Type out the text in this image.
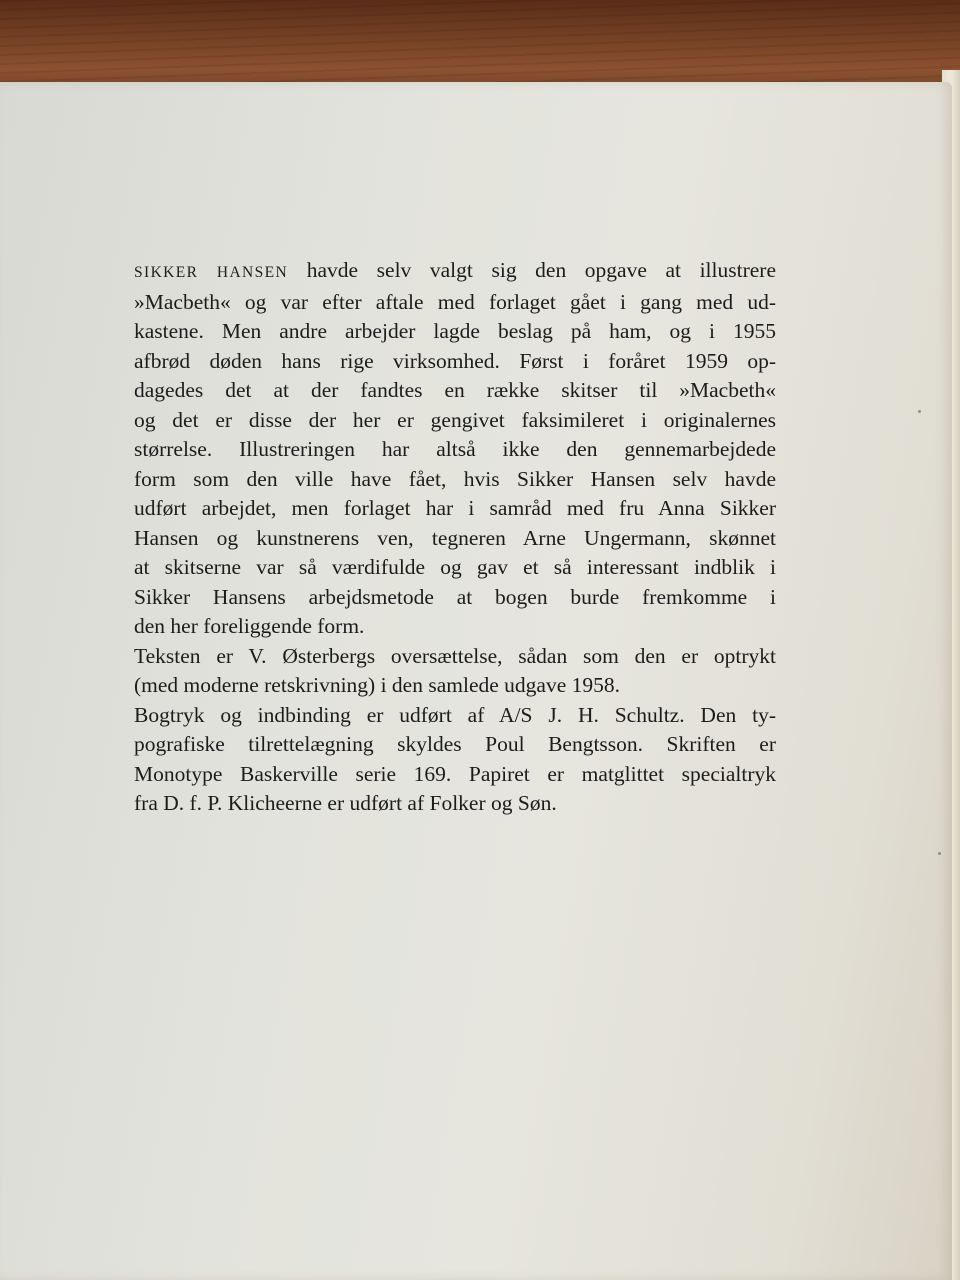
SIKKER HANSEN havde selv valgt sig den opgave at illustrere
»Macbeth« og var efter aftale med forlaget gået i gang med ud-
kastene. Men andre arbejder lagde beslag på ham, og i 1955
afbrød døden hans rige virksomhed. Først i foråret 1959 op-
dagedes det at der fandtes en række skitser til »Macbeth«
og det er disse der her er gengivet faksimileret i originalernes
størrelse. Illustreringen har altså ikke den gennemarbejdede
form som den ville have fået, hvis Sikker Hansen selv havde
udført arbejdet, men forlaget har i samråd med fru Anna Sikker
Hansen og kunstnerens ven, tegneren Arne Ungermann, skønnet
at skitserne var så værdifulde og gav et så interessant indblik i
Sikker Hansens arbejdsmetode at bogen burde fremkomme i
den her foreliggende form.
Teksten er V. Østerbergs oversættelse, sådan som den er optrykt
(med moderne retskrivning) i den samlede udgave 1958.
Bogtryk og indbinding er udført af A/S J. H. Schultz. Den ty-
pografiske tilrettelægning skyldes Poul Bengtsson. Skriften er
Monotype Baskerville serie 169. Papiret er matglittet specialtryk
fra D. f. P. Klicheerne er udført af Folker og Søn.
